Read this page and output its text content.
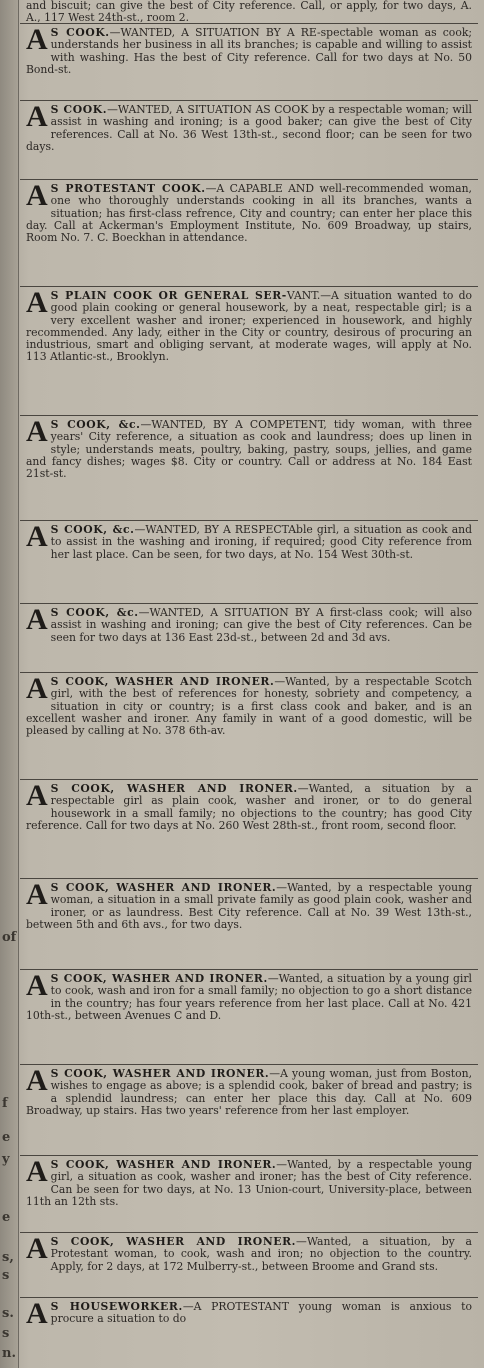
of
f
e
y
e
s,
s
s.
s
n.
and biscuit; can give the best of City reference. Call, or apply, for two days, A. A., 117 West 24th-st., room 2.
A S COOK.—WANTED, A SITUATION BY A RE-spectable woman as cook; understands her business in all its branches; is capable and willing to assist with washing. Has the best of City reference. Call for two days at No. 50 Bond-st.
A S COOK.—WANTED, A SITUATION AS COOK by a respectable woman; will assist in washing and ironing; is a good baker; can give the best of City references. Call at No. 36 West 13th-st., second floor; can be seen for two days.
A S PROTESTANT COOK.—A CAPABLE AND well-recommended woman, one who thoroughly understands cooking in all its branches, wants a situation; has first-class refrence, City and country; can enter her place this day. Call at Ackerman's Employment Institute, No. 609 Broadway, up stairs, Room No. 7. C. Boeckhan in attendance.
A S PLAIN COOK OR GENERAL SER-VANT.—A situation wanted to do good plain cooking or general housework, by a neat, respectable girl; is a very excellent washer and ironer; experienced in housework, and highly recommended. Any lady, either in the City or country, desirous of procuring an industrious, smart and obliging servant, at moderate wages, will apply at No. 113 Atlantic-st., Brooklyn.
A S COOK, &c.—WANTED, BY A COMPETENT, tidy woman, with three years' City reference, a situation as cook and laundress; does up linen in style; understands meats, poultry, baking, pastry, soups, jellies, and game and fancy dishes; wages $8. City or country. Call or address at No. 184 East 21st-st.
A S COOK, &c.—WANTED, BY A RESPECTAble girl, a situation as cook and to assist in the washing and ironing, if required; good City reference from her last place. Can be seen, for two days, at No. 154 West 30th-st.
A S COOK, &c.—WANTED, A SITUATION BY A first-class cook; will also assist in washing and ironing; can give the best of City references. Can be seen for two days at 136 East 23d-st., between 2d and 3d avs.
A S COOK, WASHER AND IRONER.—Wanted, by a respectable Scotch girl, with the best of references for honesty, sobriety and competency, a situation in city or country; is a first class cook and baker, and is an excellent washer and ironer. Any family in want of a good domestic, will be pleased by calling at No. 378 6th-av.
A S COOK, WASHER AND IRONER.—Wanted, a situation by a respectable girl as plain cook, washer and ironer, or to do general housework in a small family; no objections to the country; has good City reference. Call for two days at No. 260 West 28th-st., front room, second floor.
A S COOK, WASHER AND IRONER.—Wanted, by a respectable young woman, a situation in a small private family as good plain cook, washer and ironer, or as laundress. Best City reference. Call at No. 39 West 13th-st., between 5th and 6th avs., for two days.
A S COOK, WASHER AND IRONER.—Wanted, a situation by a young girl to cook, wash and iron for a small family; no objection to go a short distance in the country; has four years reference from her last place. Call at No. 421 10th-st., between Avenues C and D.
A S COOK, WASHER AND IRONER.—A young woman, just from Boston, wishes to engage as above; is a splendid cook, baker of bread and pastry; is a splendid laundress; can enter her place this day. Call at No. 609 Broadway, up stairs. Has two years' reference from her last employer.
A S COOK, WASHER AND IRONER.—Wanted, by a respectable young girl, a situation as cook, washer and ironer; has the best of City reference. Can be seen for two days, at No. 13 Union-court, University-place, between 11th an 12th sts.
A S COOK, WASHER AND IRONER.—Wanted, a situation, by a Protestant woman, to cook, wash and iron; no objection to the country. Apply, for 2 days, at 172 Mulberry-st., between Broome and Grand sts.
A S HOUSEWORKER.—A PROTESTANT young woman is anxious to procure a situation to do
